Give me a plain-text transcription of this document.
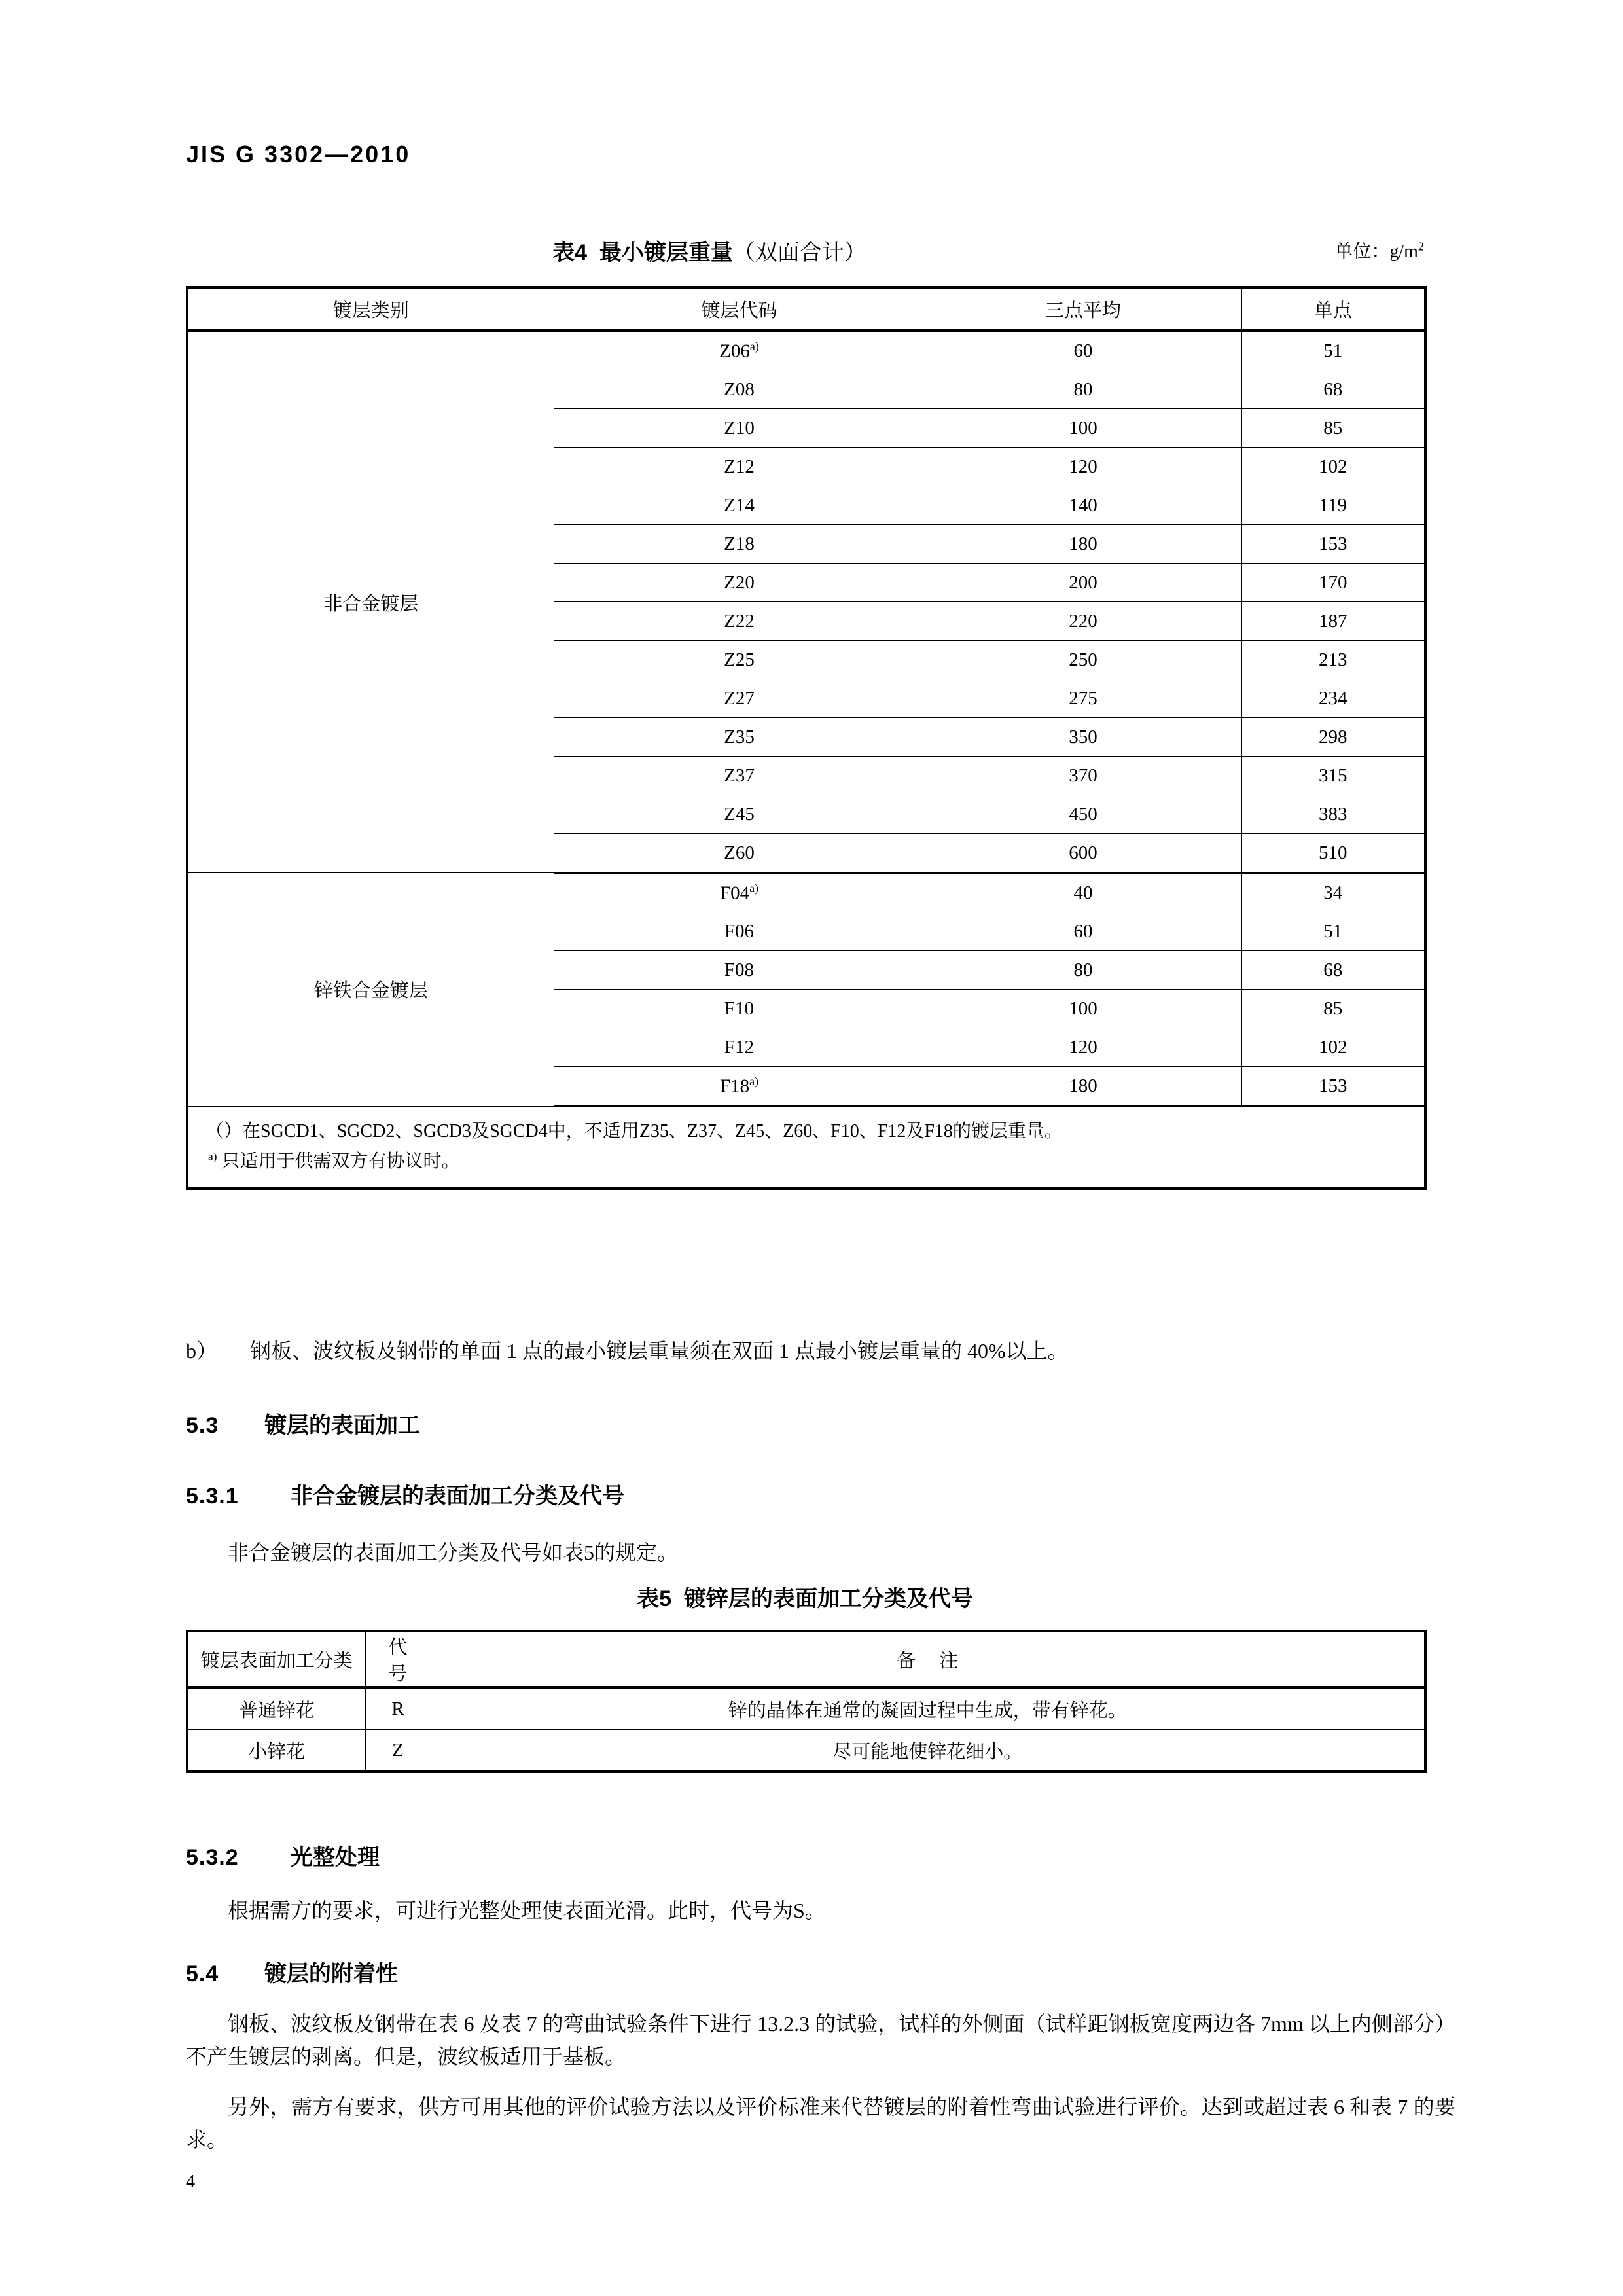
JIS G 3302—2010
表4 最小镀层重量（双面合计）	单位：$g/m^2$
镀层类别	镀层代码	三点平均	单点
非合金镀层	Z06$^{a)}$	60	51
	Z08	80	68
	Z10	100	85
	Z12	120	102
	Z14	140	119
	Z18	180	153
	Z20	200	170
	Z22	220	187
	Z25	250	213
	Z27	275	234
	Z35	350	298
	Z37	370	315
	Z45	450	383
	Z60	600	510
锌铁合金镀层	F04$^{a)}$	40	34
	F06	60	51
	F08	80	68
	F10	100	85
	F12	120	102
	F18$^{a)}$	180	153

（）在SGCD1、SGCD2、SGCD3及SGCD4中，不适用Z35、Z37、Z45、Z60、F10、F12及F18的镀层重量。
$^{a)}$ 只适用于供需双方有协议时。			
b） 钢板、波纹板及钢带的单面 1 点的最小镀层重量须在双面 1 点最小镀层重量的 40%以上。
5.3 镀层的表面加工
5.3.1 非合金镀层的表面加工分类及代号
非合金镀层的表面加工分类及代号如表5的规定。
表5 镀锌层的表面加工分类及代号
镀层表面加工分类	代 号	备 注
普通锌花	R	锌的晶体在通常的凝固过程中生成，带有锌花。
小锌花	Z	尽可能地使锌花细小。
5.3.2 光整处理
根据需方的要求，可进行光整处理使表面光滑。此时，代号为S。
5.4 镀层的附着性
钢板、波纹板及钢带在表 6 及表 7 的弯曲试验条件下进行 13.2.3 的试验，试样的外侧面（试样距钢板宽度两边各 7mm 以上内侧部分）不产生镀层的剥离。但是，波纹板适用于基板。
另外，需方有要求，供方可用其他的评价试验方法以及评价标准来代替镀层的附着性弯曲试验进行评价。达到或超过表 6 和表 7 的要求。
4
